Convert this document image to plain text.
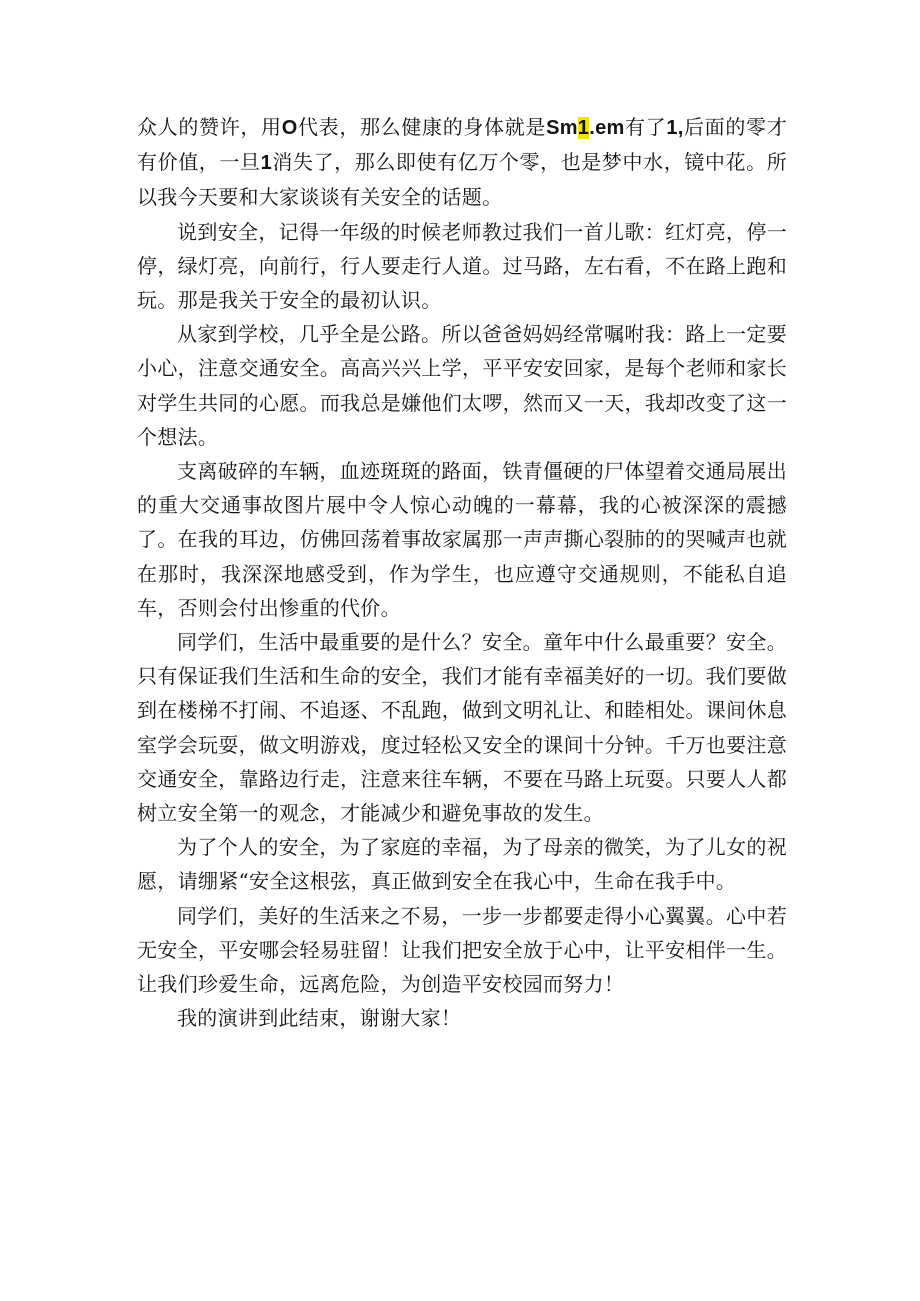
众人的赞许，用O代表，那么健康的身体就是Sm1.em有了1,后面的零才有价值，一旦1消失了，那么即使有亿万个零，也是梦中水，镜中花。所以我今天要和大家谈谈有关安全的话题。

说到安全，记得一年级的时候老师教过我们一首儿歌：红灯亮，停一停，绿灯亮，向前行，行人要走行人道。过马路，左右看，不在路上跑和玩。那是我关于安全的最初认识。

从家到学校，几乎全是公路。所以爸爸妈妈经常嘱咐我：路上一定要小心，注意交通安全。高高兴兴上学，平平安安回家，是每个老师和家长对学生共同的心愿。而我总是嫌他们太啰，然而又一天，我却改变了这一个想法。

支离破碎的车辆，血迹斑斑的路面，铁青僵硬的尸体望着交通局展出的重大交通事故图片展中令人惊心动魄的一幕幕，我的心被深深的震撼了。在我的耳边，仿佛回荡着事故家属那一声声撕心裂肺的的哭喊声也就在那时，我深深地感受到，作为学生，也应遵守交通规则，不能私自追车，否则会付出惨重的代价。

同学们，生活中最重要的是什么？安全。童年中什么最重要？安全。只有保证我们生活和生命的安全，我们才能有幸福美好的一切。我们要做到在楼梯不打闹、不追逐、不乱跑，做到文明礼让、和睦相处。课间休息室学会玩耍，做文明游戏，度过轻松又安全的课间十分钟。千万也要注意交通安全，靠路边行走，注意来往车辆，不要在马路上玩耍。只要人人都树立安全第一的观念，才能减少和避免事故的发生。

为了个人的安全，为了家庭的幸福，为了母亲的微笑，为了儿女的祝愿，请绷紧“安全这根弦，真正做到安全在我心中，生命在我手中。

同学们，美好的生活来之不易，一步一步都要走得小心翼翼。心中若无安全，平安哪会轻易驻留！让我们把安全放于心中，让平安相伴一生。让我们珍爱生命，远离危险，为创造平安校园而努力！

我的演讲到此结束，谢谢大家！
